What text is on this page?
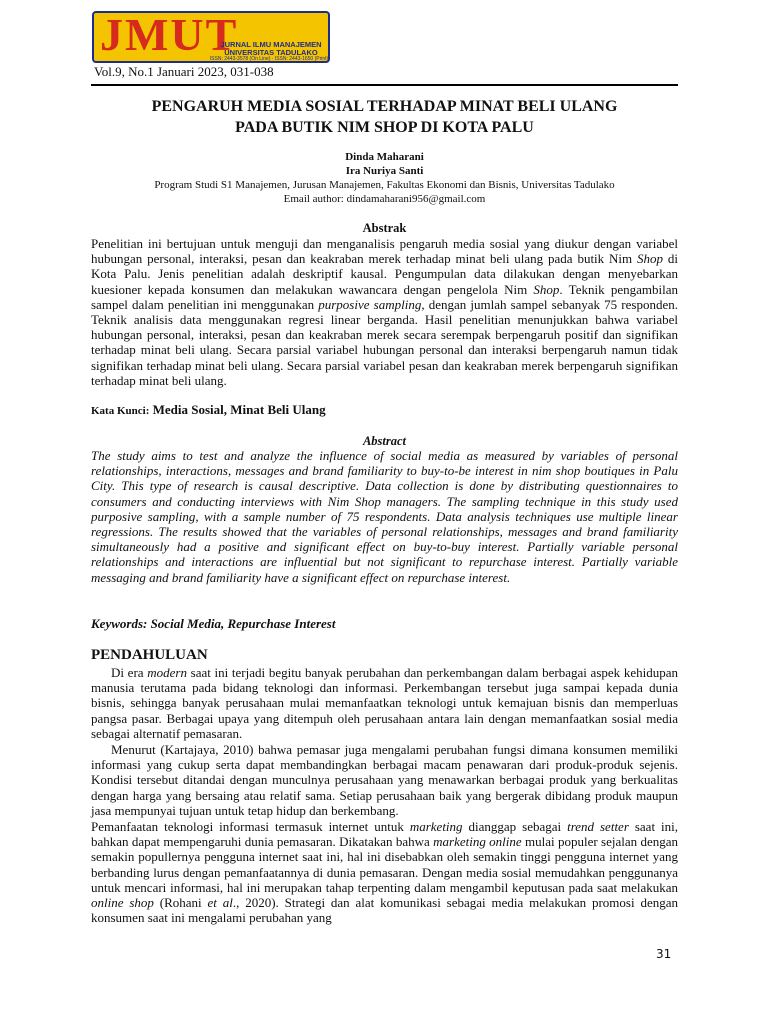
JMUT
JURNAL ILMU MANAJEMEN UNIVERSITAS TADULAKO
ISSN: 2443-3578 (On Line) · ISSN: 2443-1650 (Print)
Vol.9, No.1 Januari 2023, 031-038
PENGARUH MEDIA SOSIAL TERHADAP MINAT BELI ULANG
PADA BUTIK NIM SHOP DI KOTA PALU
Dinda Maharani
Ira Nuriya Santi
Program Studi S1 Manajemen, Jurusan Manajemen, Fakultas Ekonomi dan Bisnis, Universitas Tadulako
Email author: dindamaharani956@gmail.com
Abstrak
Penelitian ini bertujuan untuk menguji dan menganalisis pengaruh media sosial yang diukur dengan variabel hubungan personal, interaksi, pesan dan keakraban merek terhadap minat beli ulang pada butik Nim Shop di Kota Palu. Jenis penelitian adalah deskriptif kausal. Pengumpulan data dilakukan dengan menyebarkan kuesioner kepada konsumen dan melakukan wawancara dengan pengelola Nim Shop. Teknik pengambilan sampel dalam penelitian ini menggunakan purposive sampling, dengan jumlah sampel sebanyak 75 responden. Teknik analisis data menggunakan regresi linear berganda. Hasil penelitian menunjukkan bahwa variabel hubungan personal, interaksi, pesan dan keakraban merek secara serempak berpengaruh positif dan signifikan terhadap minat beli ulang. Secara parsial variabel hubungan personal dan interaksi berpengaruh namun tidak signifikan terhadap minat beli ulang. Secara parsial variabel pesan dan keakraban merek berpengaruh signifikan terhadap minat beli ulang.
Kata Kunci: Media Sosial, Minat Beli Ulang
Abstract
The study aims to test and analyze the influence of social media as measured by variables of personal relationships, interactions, messages and brand familiarity to buy-to-be interest in nim shop boutiques in Palu City. This type of research is causal descriptive. Data collection is done by distributing questionnaires to consumers and conducting interviews with Nim Shop managers. The sampling technique in this study used purposive sampling, with a sample number of 75 respondents. Data analysis techniques use multiple linear regressions. The results showed that the variables of personal relationships, messages and brand familiarity simultaneously had a positive and significant effect on buy-to-buy interest. Partially variable personal relationships and interactions are influential but not significant to repurchase interest. Partially variable messaging and brand familiarity have a significant effect on repurchase interest.
Keywords: Social Media, Repurchase Interest
PENDAHULUAN
Di era modern saat ini terjadi begitu banyak perubahan dan perkembangan dalam berbagai aspek kehidupan manusia terutama pada bidang teknologi dan informasi. Perkembangan tersebut juga sampai kepada dunia bisnis, sehingga banyak perusahaan mulai memanfaatkan teknologi untuk kemajuan bisnis dan memperluas pangsa pasar. Berbagai upaya yang ditempuh oleh perusahaan antara lain dengan memanfaatkan sosial media sebagai alternatif pemasaran.
Menurut (Kartajaya, 2010) bahwa pemasar juga mengalami perubahan fungsi dimana konsumen memiliki informasi yang cukup serta dapat membandingkan berbagai macam penawaran dari produk-produk sejenis. Kondisi tersebut ditandai dengan munculnya perusahaan yang menawarkan berbagai produk yang berkualitas dengan harga yang bersaing atau relatif sama. Setiap perusahaan baik yang bergerak dibidang produk maupun jasa mempunyai tujuan untuk tetap hidup dan berkembang.
Pemanfaatan teknologi informasi termasuk internet untuk marketing dianggap sebagai trend setter saat ini, bahkan dapat mempengaruhi dunia pemasaran. Dikatakan bahwa marketing online mulai populer sejalan dengan semakin popullernya pengguna internet saat ini, hal ini disebabkan oleh semakin tinggi pengguna internet yang berbanding lurus dengan pemanfaatannya di dunia pemasaran. Dengan media sosial memudahkan penggunanya untuk mencari informasi, hal ini merupakan tahap terpenting dalam mengambil keputusan pada saat melakukan online shop (Rohani et al., 2020). Strategi dan alat komunikasi sebagai media melakukan promosi dengan konsumen saat ini mengalami perubahan yang
31
